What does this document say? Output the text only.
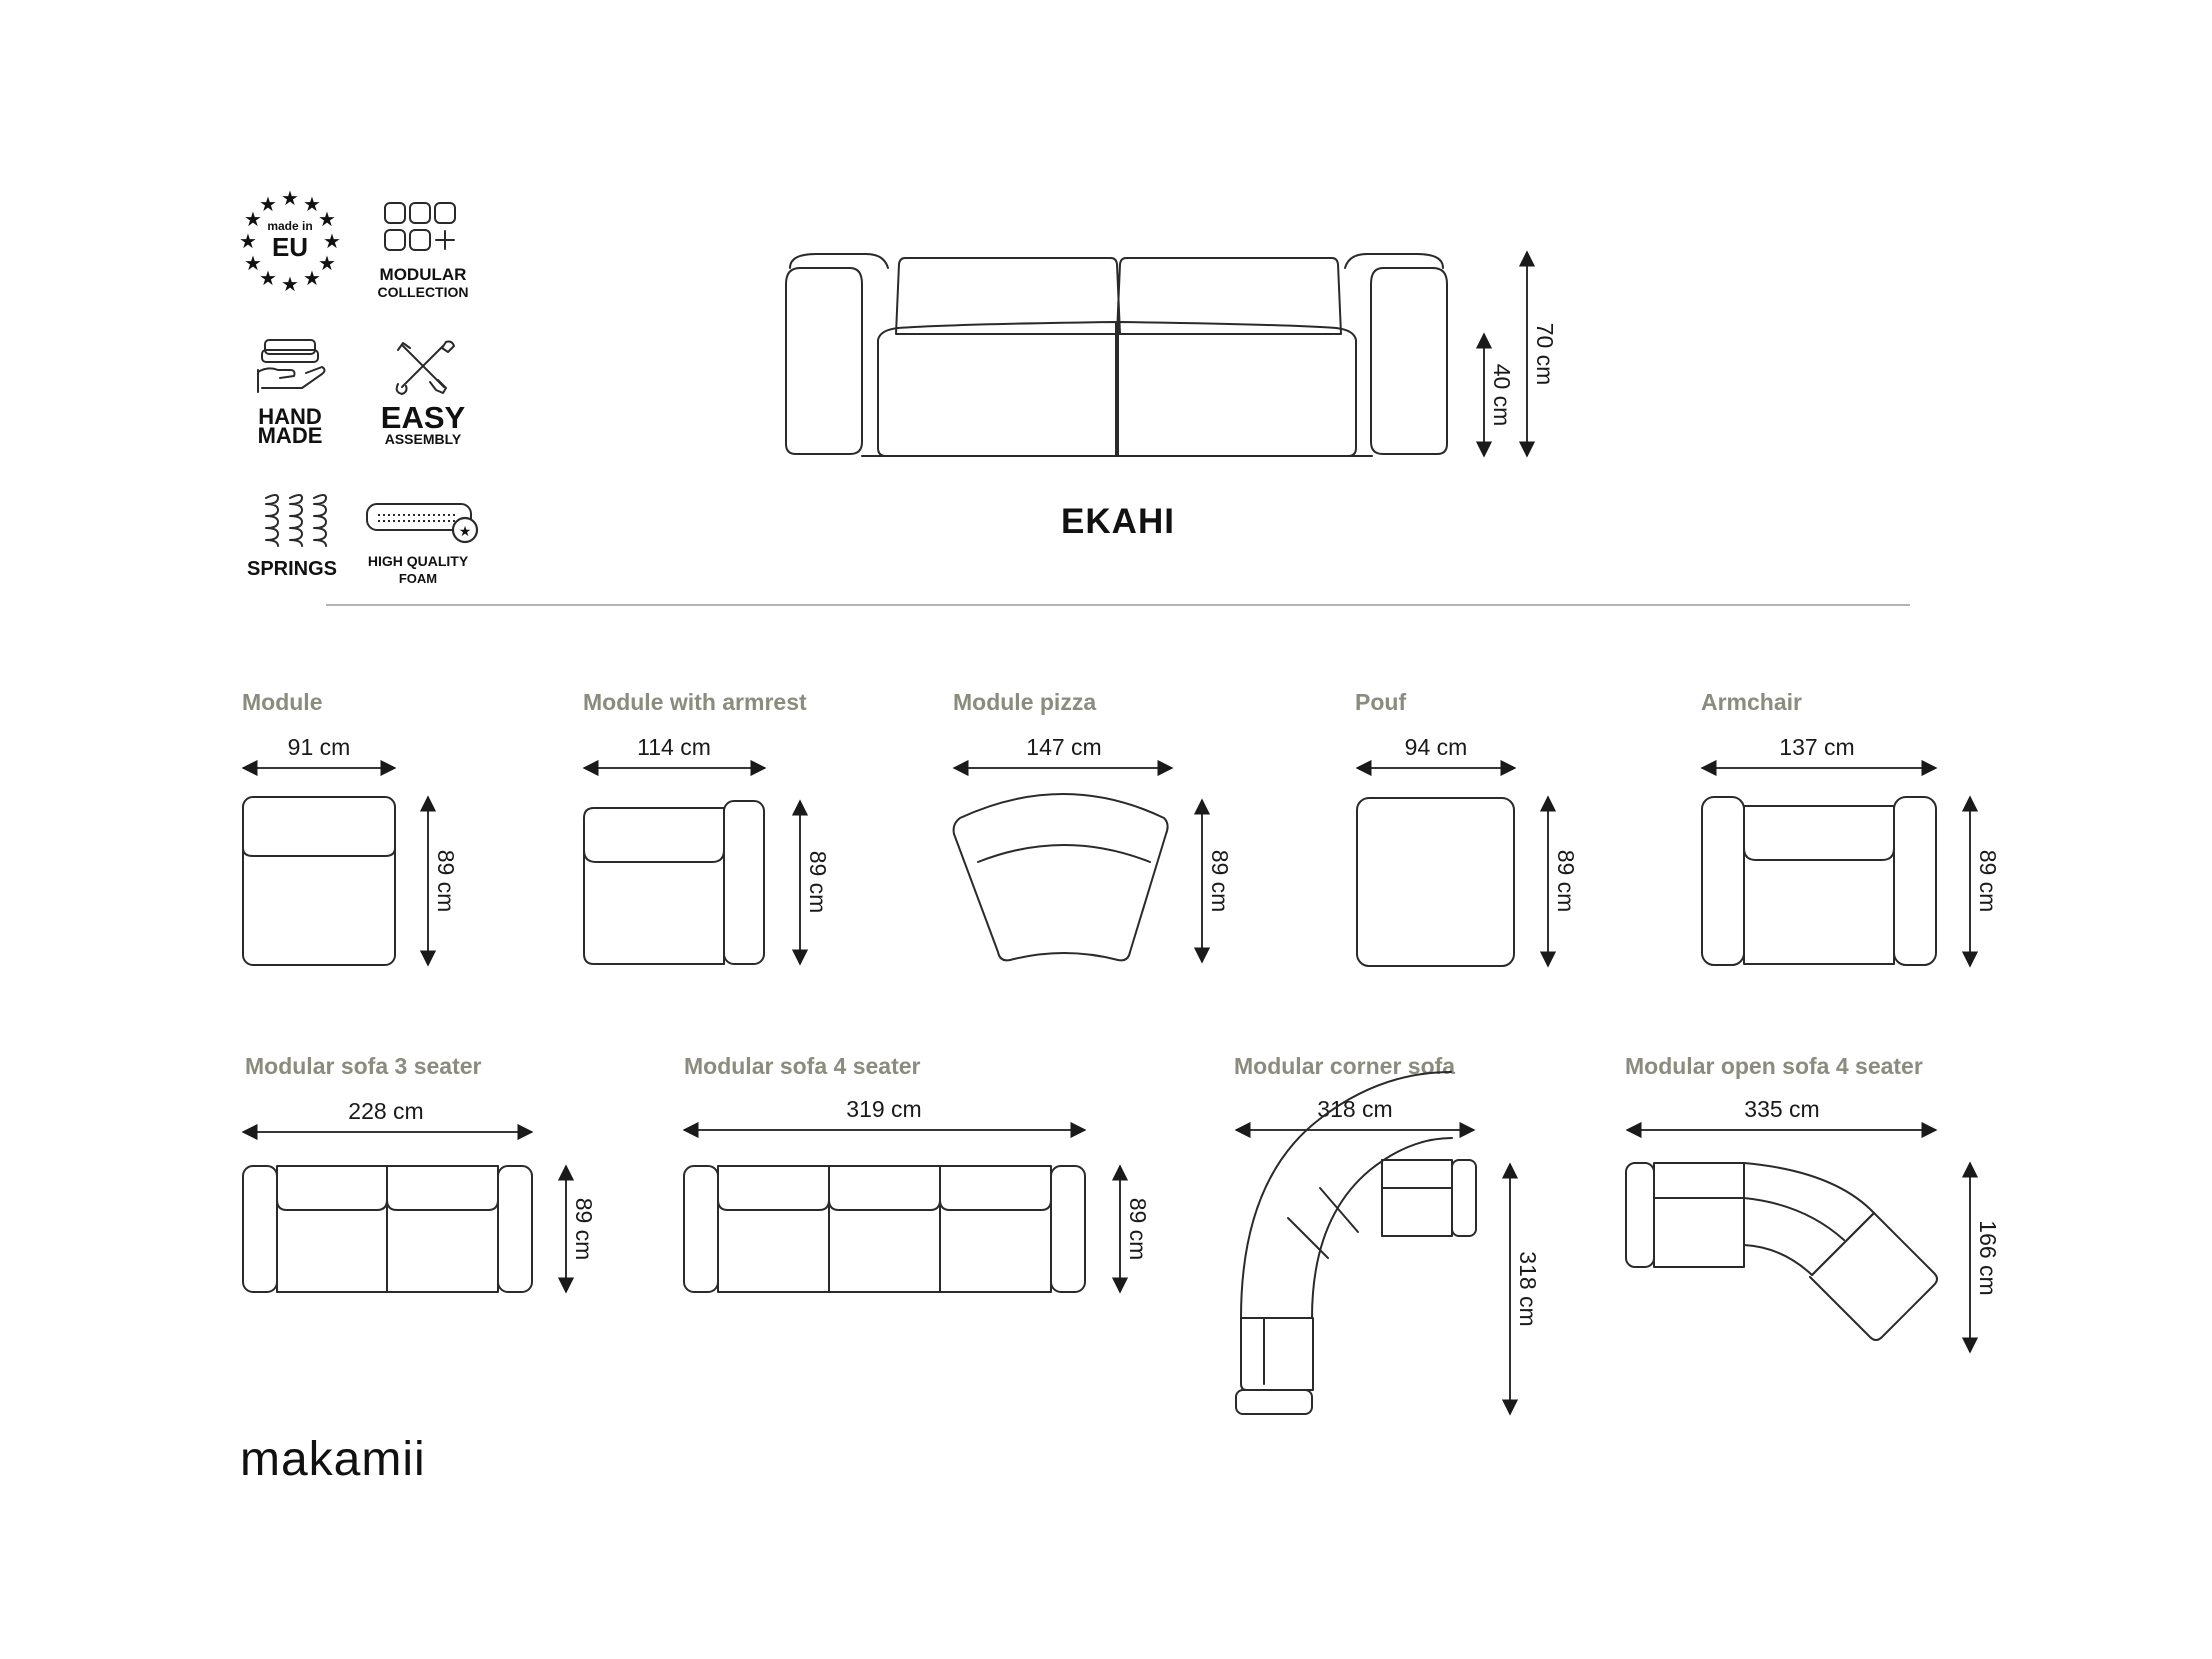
★ ★
★
★
★
★
★
★
★
★
★
★
made in
EU
MODULAR
COLLECTION
HAND
MADE
EASY
ASSEMBLY
SPRINGS
★
HIGH QUALITY
FOAM
40 cm
70 cm
EKAHI
Module
91 cm
89 cm
Module with armrest
114 cm
89 cm
Module pizza
147 cm
89 cm
Pouf
94 cm
89 cm
Armchair
137 cm
89 cm
Modular sofa 3 seater
228 cm
89 cm
Modular sofa 4 seater
319 cm
89 cm
Modular corner sofa
318 cm
318 cm
Modular open sofa 4 seater
335 cm
166 cm
makamii
